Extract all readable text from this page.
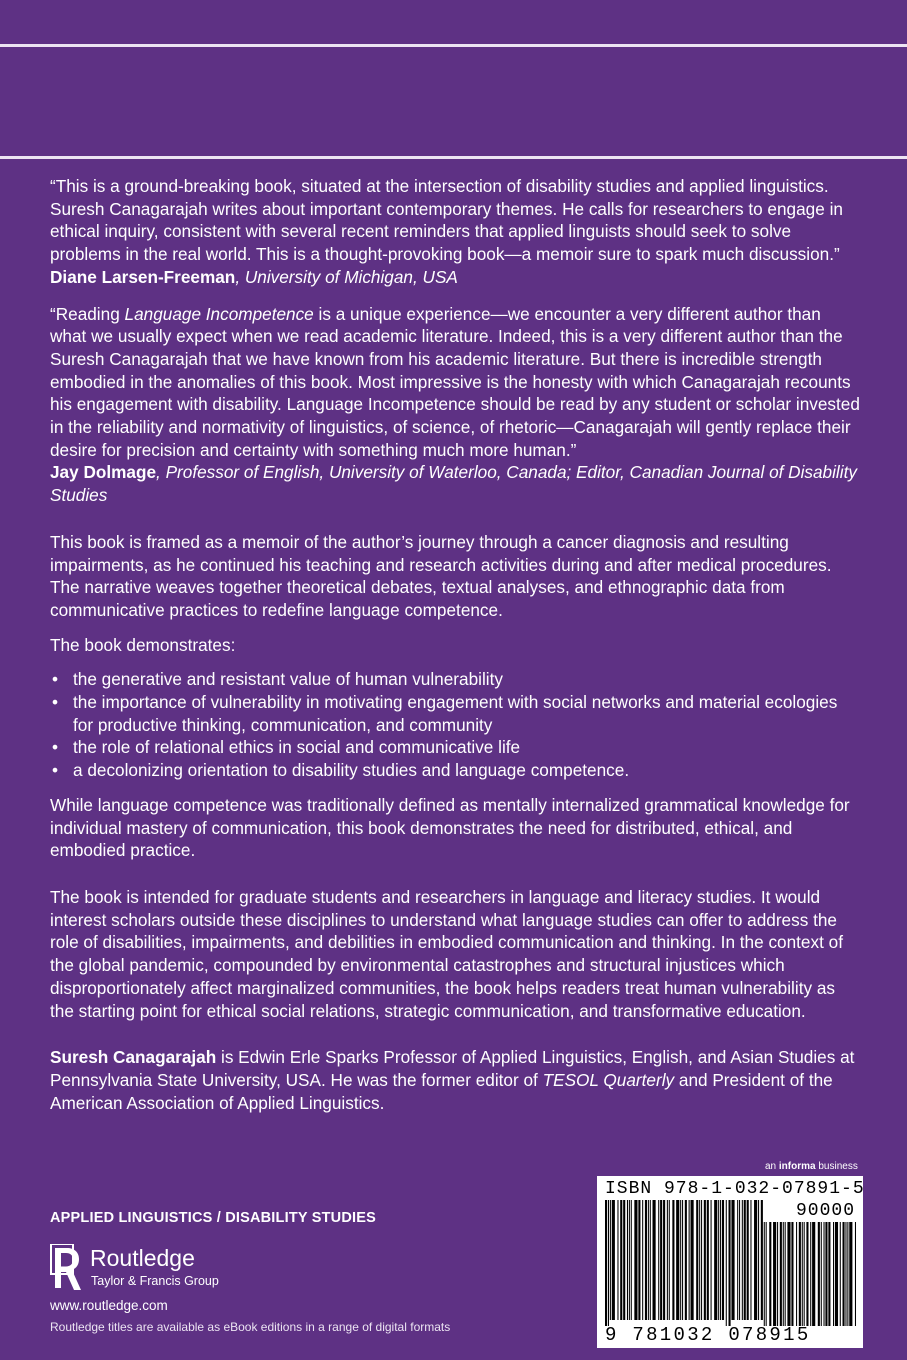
“This is a ground-breaking book, situated at the intersection of disability studies and applied linguistics. Suresh Canagarajah writes about important contemporary themes. He calls for researchers to engage in ethical inquiry, consistent with several recent reminders that applied linguists should seek to solve problems in the real world. This is a thought-provoking book—a memoir sure to spark much discussion.”

Diane Larsen-Freeman, University of Michigan, USA

“Reading Language Incompetence is a unique experience—we encounter a very different author than what we usually expect when we read academic literature. Indeed, this is a very different author than the Suresh Canagarajah that we have known from his academic literature. But there is incredible strength embodied in the anomalies of this book. Most impressive is the honesty with which Canagarajah recounts his engagement with disability. Language Incompetence should be read by any student or scholar invested in the reliability and normativity of linguistics, of science, of rhetoric—Canagarajah will gently replace their desire for precision and certainty with something much more human.”

Jay Dolmage, Professor of English, University of Waterloo, Canada; Editor, Canadian Journal of Disability Studies

This book is framed as a memoir of the author’s journey through a cancer diagnosis and resulting impairments, as he continued his teaching and research activities during and after medical procedures. The narrative weaves together theoretical debates, textual analyses, and ethnographic data from communicative practices to redefine language competence.

The book demonstrates:

• the generative and resistant value of human vulnerability
• the importance of vulnerability in motivating engagement with social networks and material ecologies for productive thinking, communication, and community
• the role of relational ethics in social and communicative life
• a decolonizing orientation to disability studies and language competence.

While language competence was traditionally defined as mentally internalized grammatical knowledge for individual mastery of communication, this book demonstrates the need for distributed, ethical, and embodied practice.

The book is intended for graduate students and researchers in language and literacy studies. It would interest scholars outside these disciplines to understand what language studies can offer to address the role of disabilities, impairments, and debilities in embodied communication and thinking. In the context of the global pandemic, compounded by environmental catastrophes and structural injustices which disproportionately affect marginalized communities, the book helps readers treat human vulnerability as the starting point for ethical social relations, strategic communication, and transformative education.

Suresh Canagarajah is Edwin Erle Sparks Professor of Applied Linguistics, English, and Asian Studies at Pennsylvania State University, USA. He was the former editor of TESOL Quarterly and President of the American Association of Applied Linguistics.

APPLIED LINGUISTICS / DISABILITY STUDIES
Routledge
Taylor & Francis Group
www.routledge.com
Routledge titles are available as eBook editions in a range of digital formats
an informa business
ISBN 978-1-032-07891-5
90000
9 781032 078915
